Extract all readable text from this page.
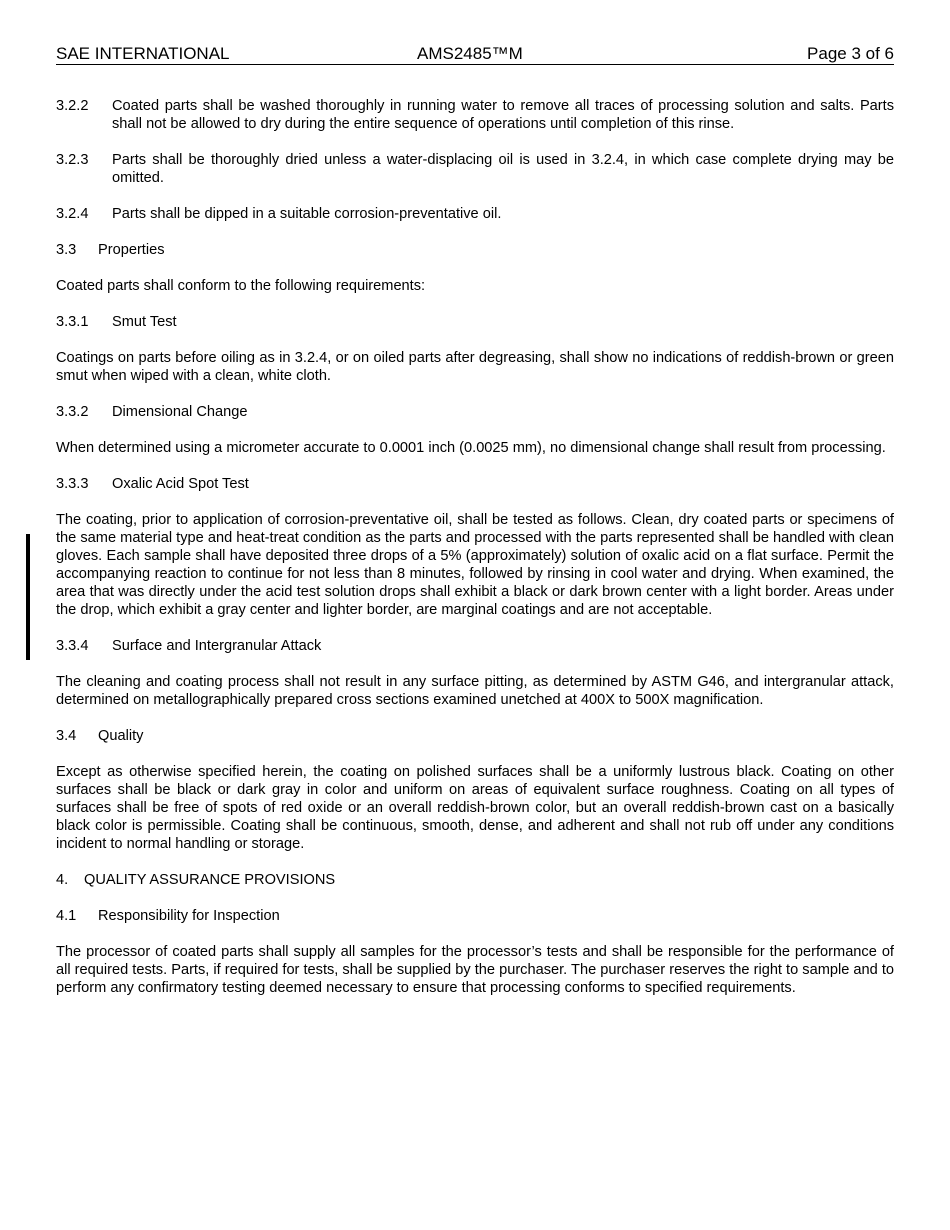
SAE INTERNATIONAL	AMS2485™M	Page 3 of 6
3.2.2	Coated parts shall be washed thoroughly in running water to remove all traces of processing solution and salts. Parts shall not be allowed to dry during the entire sequence of operations until completion of this rinse.
3.2.3	Parts shall be thoroughly dried unless a water-displacing oil is used in 3.2.4, in which case complete drying may be omitted.
3.2.4	Parts shall be dipped in a suitable corrosion-preventative oil.
3.3	Properties

Coated parts shall conform to the following requirements:

3.3.1	Smut Test

Coatings on parts before oiling as in 3.2.4, or on oiled parts after degreasing, shall show no indications of reddish-brown or green smut when wiped with a clean, white cloth.

3.3.2	Dimensional Change

When determined using a micrometer accurate to 0.0001 inch (0.0025 mm), no dimensional change shall result from processing.

3.3.3	Oxalic Acid Spot Test

The coating, prior to application of corrosion-preventative oil, shall be tested as follows. Clean, dry coated parts or specimens of the same material type and heat-treat condition as the parts and processed with the parts represented shall be handled with clean gloves. Each sample shall have deposited three drops of a 5% (approximately) solution of oxalic acid on a flat surface. Permit the accompanying reaction to continue for not less than 8 minutes, followed by rinsing in cool water and drying. When examined, the area that was directly under the acid test solution drops shall exhibit a black or dark brown center with a light border. Areas under the drop, which exhibit a gray center and lighter border, are marginal coatings and are not acceptable.

3.3.4	Surface and Intergranular Attack

The cleaning and coating process shall not result in any surface pitting, as determined by ASTM G46, and intergranular attack, determined on metallographically prepared cross sections examined unetched at 400X to 500X magnification.

3.4	Quality

Except as otherwise specified herein, the coating on polished surfaces shall be a uniformly lustrous black. Coating on other surfaces shall be black or dark gray in color and uniform on areas of equivalent surface roughness. Coating on all types of surfaces shall be free of spots of red oxide or an overall reddish-brown color, but an overall reddish-brown cast on a basically black color is permissible. Coating shall be continuous, smooth, dense, and adherent and shall not rub off under any conditions incident to normal handling or storage.

4.	QUALITY ASSURANCE PROVISIONS
4.1	Responsibility for Inspection

The processor of coated parts shall supply all samples for the processor’s tests and shall be responsible for the performance of all required tests. Parts, if required for tests, shall be supplied by the purchaser. The purchaser reserves the right to sample and to perform any confirmatory testing deemed necessary to ensure that processing conforms to specified requirements.
